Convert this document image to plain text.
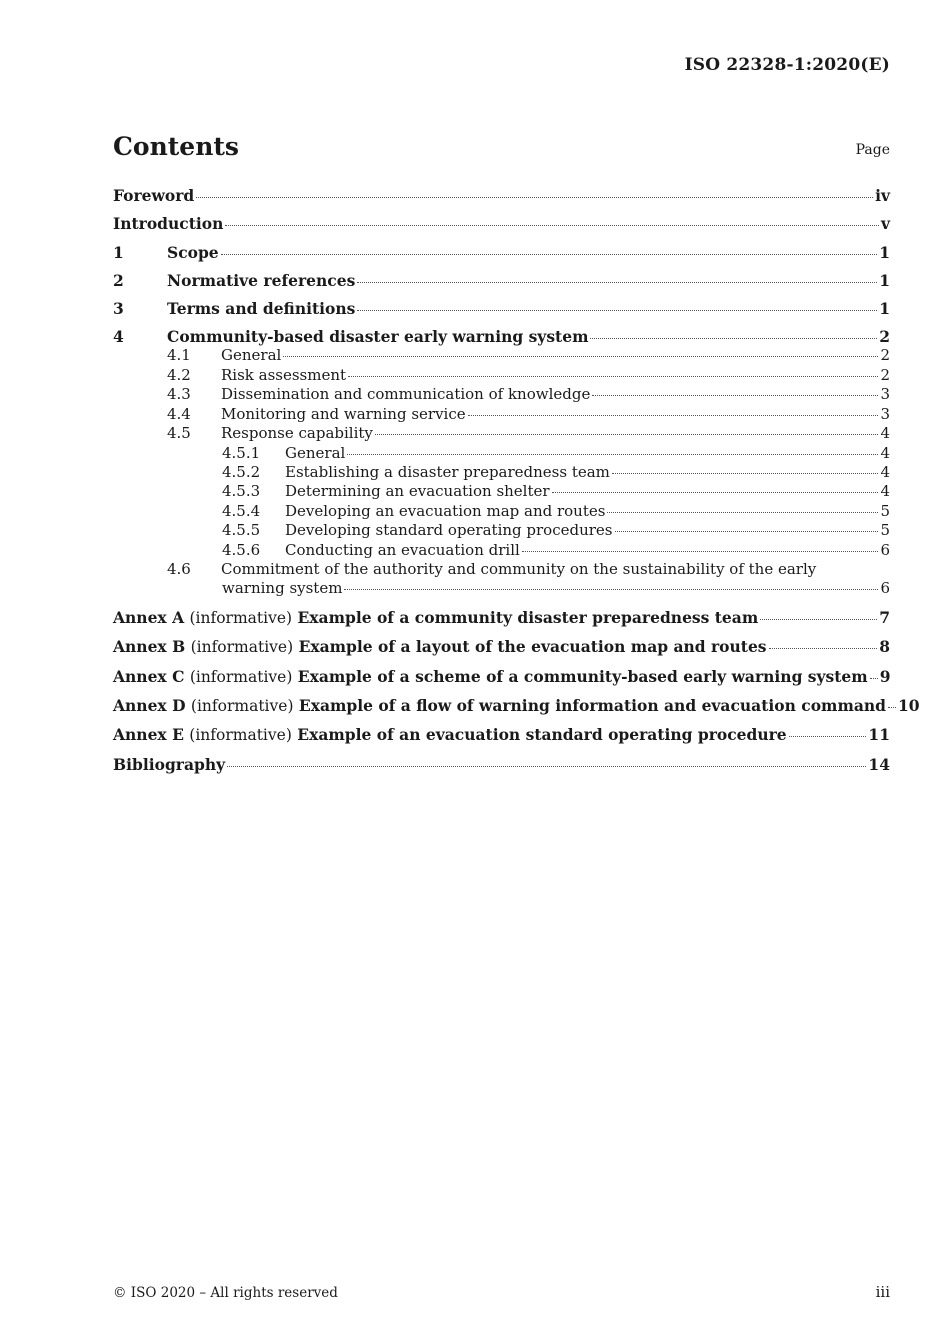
ISO 22328-1:2020(E)
Contents	Page
Foreword	iv
Introduction	v
1	Scope	1
2	Normative references	1
3	Terms and definitions	1
4	Community-based disaster early warning system	2
4.1	General	2
4.2	Risk assessment	2
4.3	Dissemination and communication of knowledge	3
4.4	Monitoring and warning service	3
4.5	Response capability	4
4.5.1	General	4
4.5.2	Establishing a disaster preparedness team	4
4.5.3	Determining an evacuation shelter	4
4.5.4	Developing an evacuation map and routes	5
4.5.5	Developing standard operating procedures	5
4.5.6	Conducting an evacuation drill	6
4.6	Commitment of the authority and community on the sustainability of the early
warning system	6
Annex A (informative) Example of a community disaster preparedness team	7
Annex B (informative) Example of a layout of the evacuation map and routes	8
Annex C (informative) Example of a scheme of a community-based early warning system 9
Annex D (informative) Example of a flow of warning information and evacuation command 10
Annex E (informative) Example of an evacuation standard operating procedure	11
Bibliography	14
© ISO 2020 – All rights reserved	iii
